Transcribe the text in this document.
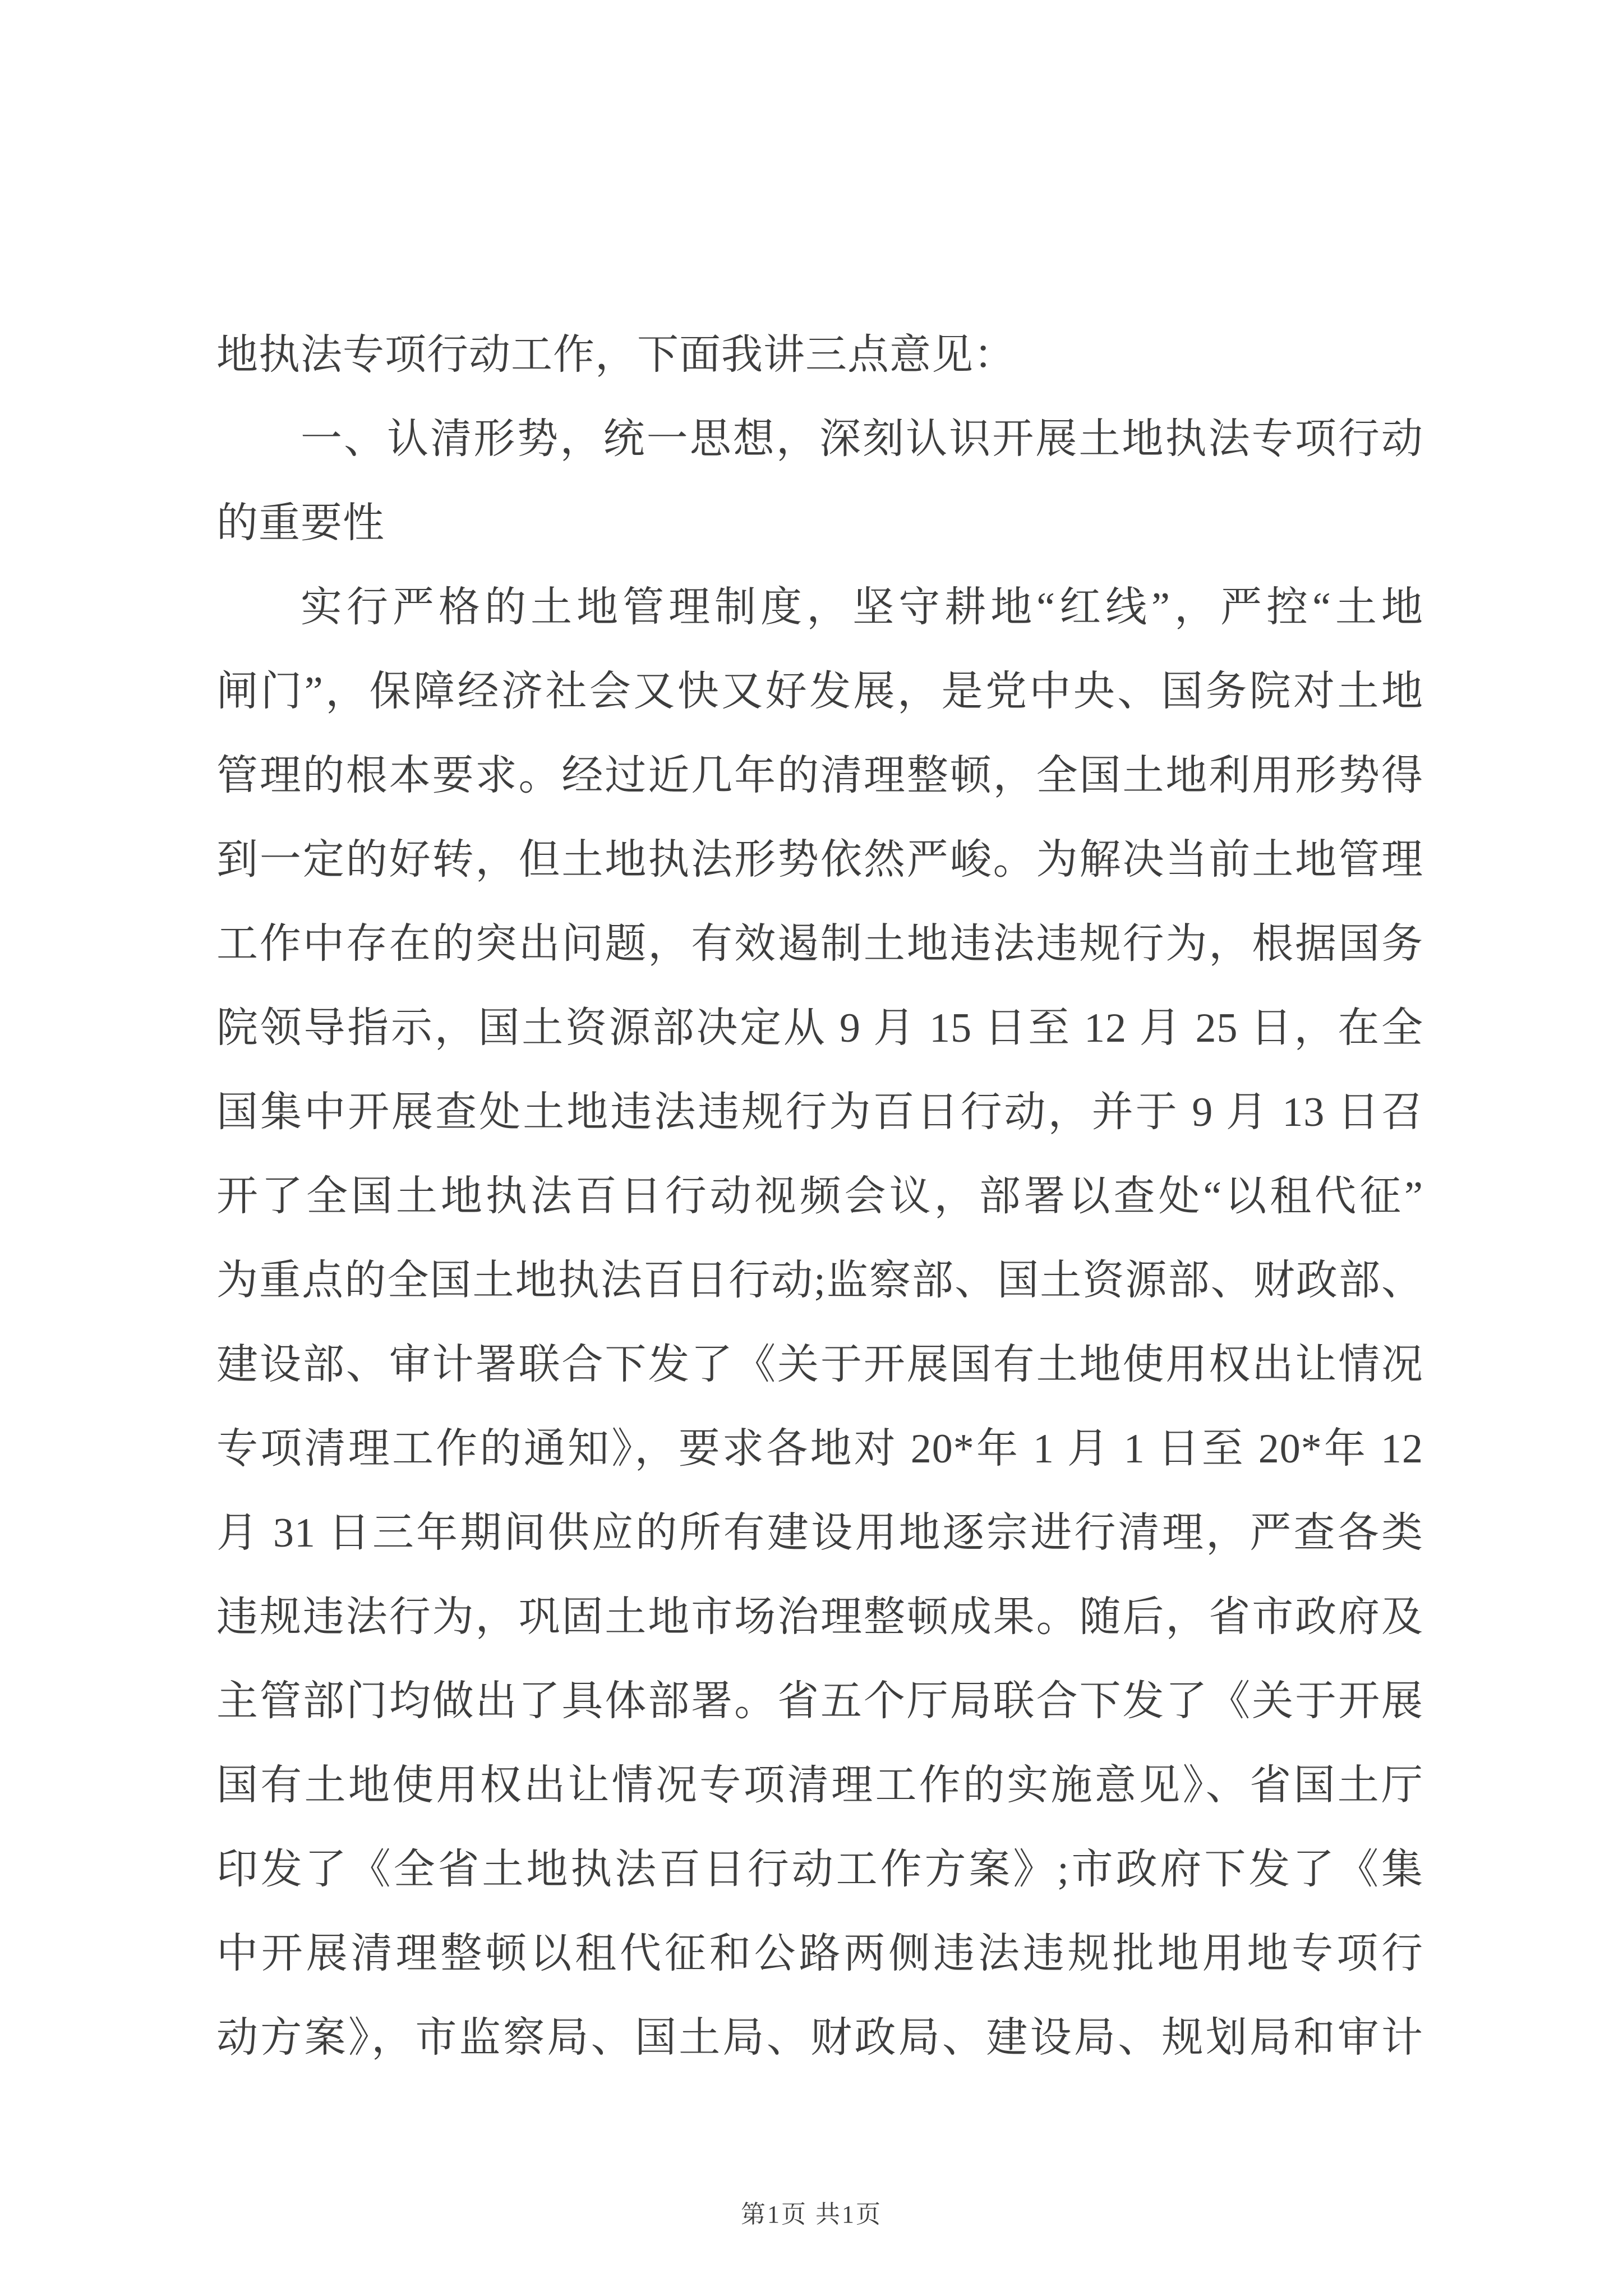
地执法专项行动工作，下面我讲三点意见：
一、认清形势，统一思想，深刻认识开展土地执法专项行动
的重要性
实行严格的土地管理制度，坚守耕地“红线”，严控“土地
闸门”，保障经济社会又快又好发展，是党中央、国务院对土地
管理的根本要求。经过近几年的清理整顿，全国土地利用形势得
到一定的好转，但土地执法形势依然严峻。为解决当前土地管理
工作中存在的突出问题，有效遏制土地违法违规行为，根据国务
院领导指示，国土资源部决定从 9 月 15 日至 12 月 25 日，在全
国集中开展查处土地违法违规行为百日行动，并于 9 月 13 日召
开了全国土地执法百日行动视频会议，部署以查处“以租代征”
为重点的全国土地执法百日行动;监察部、国土资源部、财政部、
建设部、审计署联合下发了《关于开展国有土地使用权出让情况
专项清理工作的通知》，要求各地对 20*年 1 月 1 日至 20*年 12
月 31 日三年期间供应的所有建设用地逐宗进行清理，严查各类
违规违法行为，巩固土地市场治理整顿成果。随后，省市政府及
主管部门均做出了具体部署。省五个厅局联合下发了《关于开展
国有土地使用权出让情况专项清理工作的实施意见》、省国土厅
印发了《全省土地执法百日行动工作方案》;市政府下发了《集
中开展清理整顿以租代征和公路两侧违法违规批地用地专项行
动方案》，市监察局、国土局、财政局、建设局、规划局和审计
第1页 共1页
